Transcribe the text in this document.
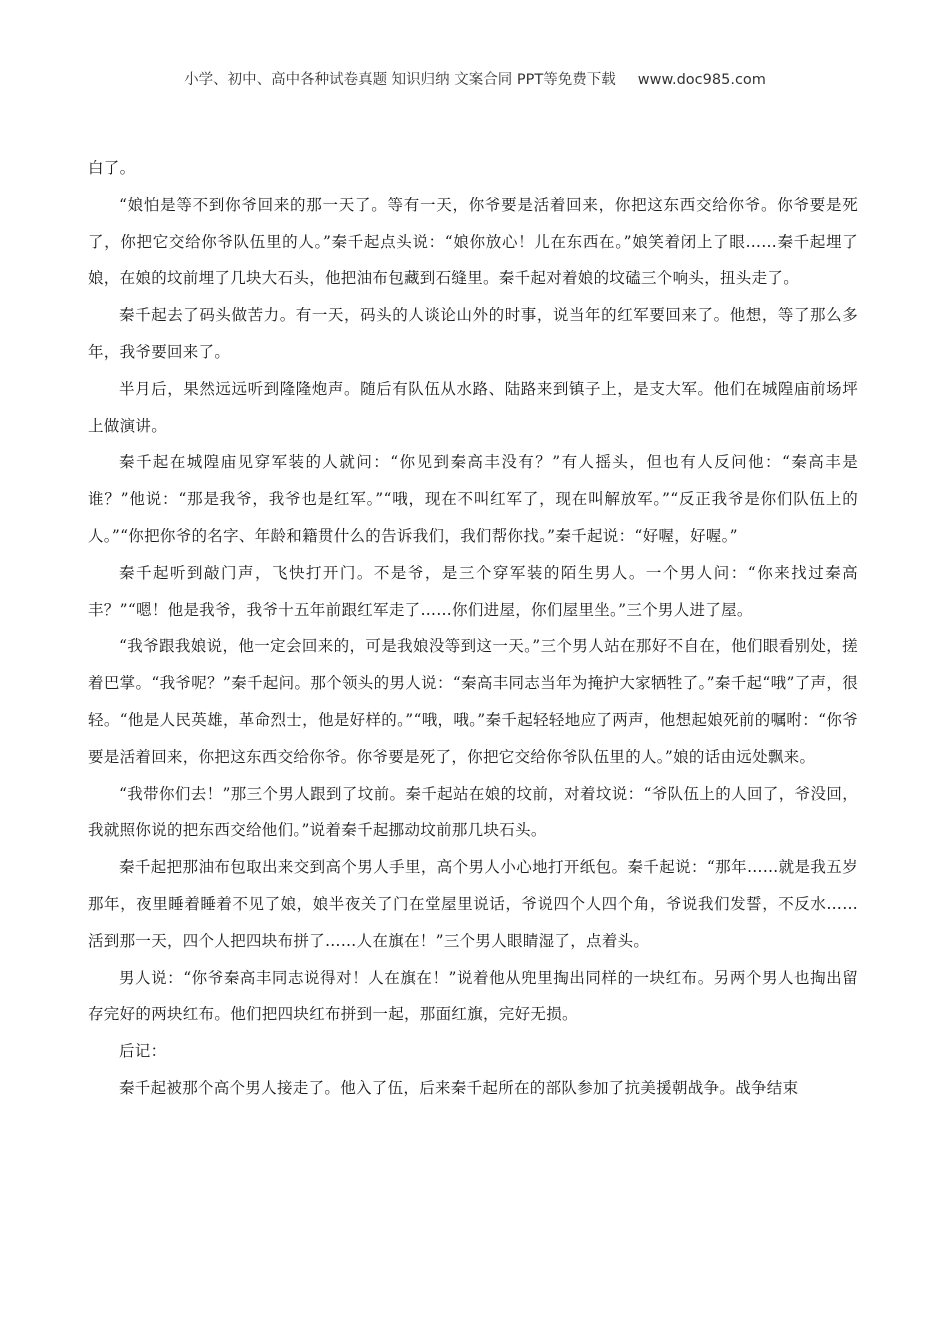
小学、初中、高中各种试卷真题 知识归纳 文案合同 PPT等免费下载 www.doc985.com

白了。

“娘怕是等不到你爷回来的那一天了。等有一天，你爷要是活着回来，你把这东西交给你爷。你爷要是死了，你把它交给你爷队伍里的人。”秦千起点头说：“娘你放心！儿在东西在。”娘笑着闭上了眼……秦千起埋了娘，在娘的坟前埋了几块大石头，他把油布包藏到石缝里。秦千起对着娘的坟磕三个响头，扭头走了。

秦千起去了码头做苦力。有一天，码头的人谈论山外的时事，说当年的红军要回来了。他想，等了那么多年，我爷要回来了。

半月后，果然远远听到隆隆炮声。随后有队伍从水路、陆路来到镇子上，是支大军。他们在城隍庙前场坪上做演讲。

秦千起在城隍庙见穿军装的人就问：“你见到秦高丰没有？”有人摇头，但也有人反问他：“秦高丰是谁？”他说：“那是我爷，我爷也是红军。”“哦，现在不叫红军了，现在叫解放军。”“反正我爷是你们队伍上的人。”“你把你爷的名字、年龄和籍贯什么的告诉我们，我们帮你找。”秦千起说：“好喔，好喔。”

秦千起听到敲门声，飞快打开门。不是爷，是三个穿军装的陌生男人。一个男人问：“你来找过秦高丰？”“嗯！他是我爷，我爷十五年前跟红军走了……你们进屋，你们屋里坐。”三个男人进了屋。

“我爷跟我娘说，他一定会回来的，可是我娘没等到这一天。”三个男人站在那好不自在，他们眼看别处，搓着巴掌。“我爷呢？”秦千起问。那个领头的男人说：“秦高丰同志当年为掩护大家牺牲了。”秦千起“哦”了声，很轻。“他是人民英雄，革命烈士，他是好样的。”“哦，哦。”秦千起轻轻地应了两声，他想起娘死前的嘱咐：“你爷要是活着回来，你把这东西交给你爷。你爷要是死了，你把它交给你爷队伍里的人。”娘的话由远处飘来。

“我带你们去！”那三个男人跟到了坟前。秦千起站在娘的坟前，对着坟说：“爷队伍上的人回了，爷没回，我就照你说的把东西交给他们。”说着秦千起挪动坟前那几块石头。

秦千起把那油布包取出来交到高个男人手里，高个男人小心地打开纸包。秦千起说：“那年……就是我五岁那年，夜里睡着睡着不见了娘，娘半夜关了门在堂屋里说话，爷说四个人四个角，爷说我们发誓，不反水……活到那一天，四个人把四块布拼了……人在旗在！”三个男人眼睛湿了，点着头。

男人说：“你爷秦高丰同志说得对！人在旗在！”说着他从兜里掏出同样的一块红布。另两个男人也掏出留存完好的两块红布。他们把四块红布拼到一起，那面红旗，完好无损。

后记：

秦千起被那个高个男人接走了。他入了伍，后来秦千起所在的部队参加了抗美援朝战争。战争结束
